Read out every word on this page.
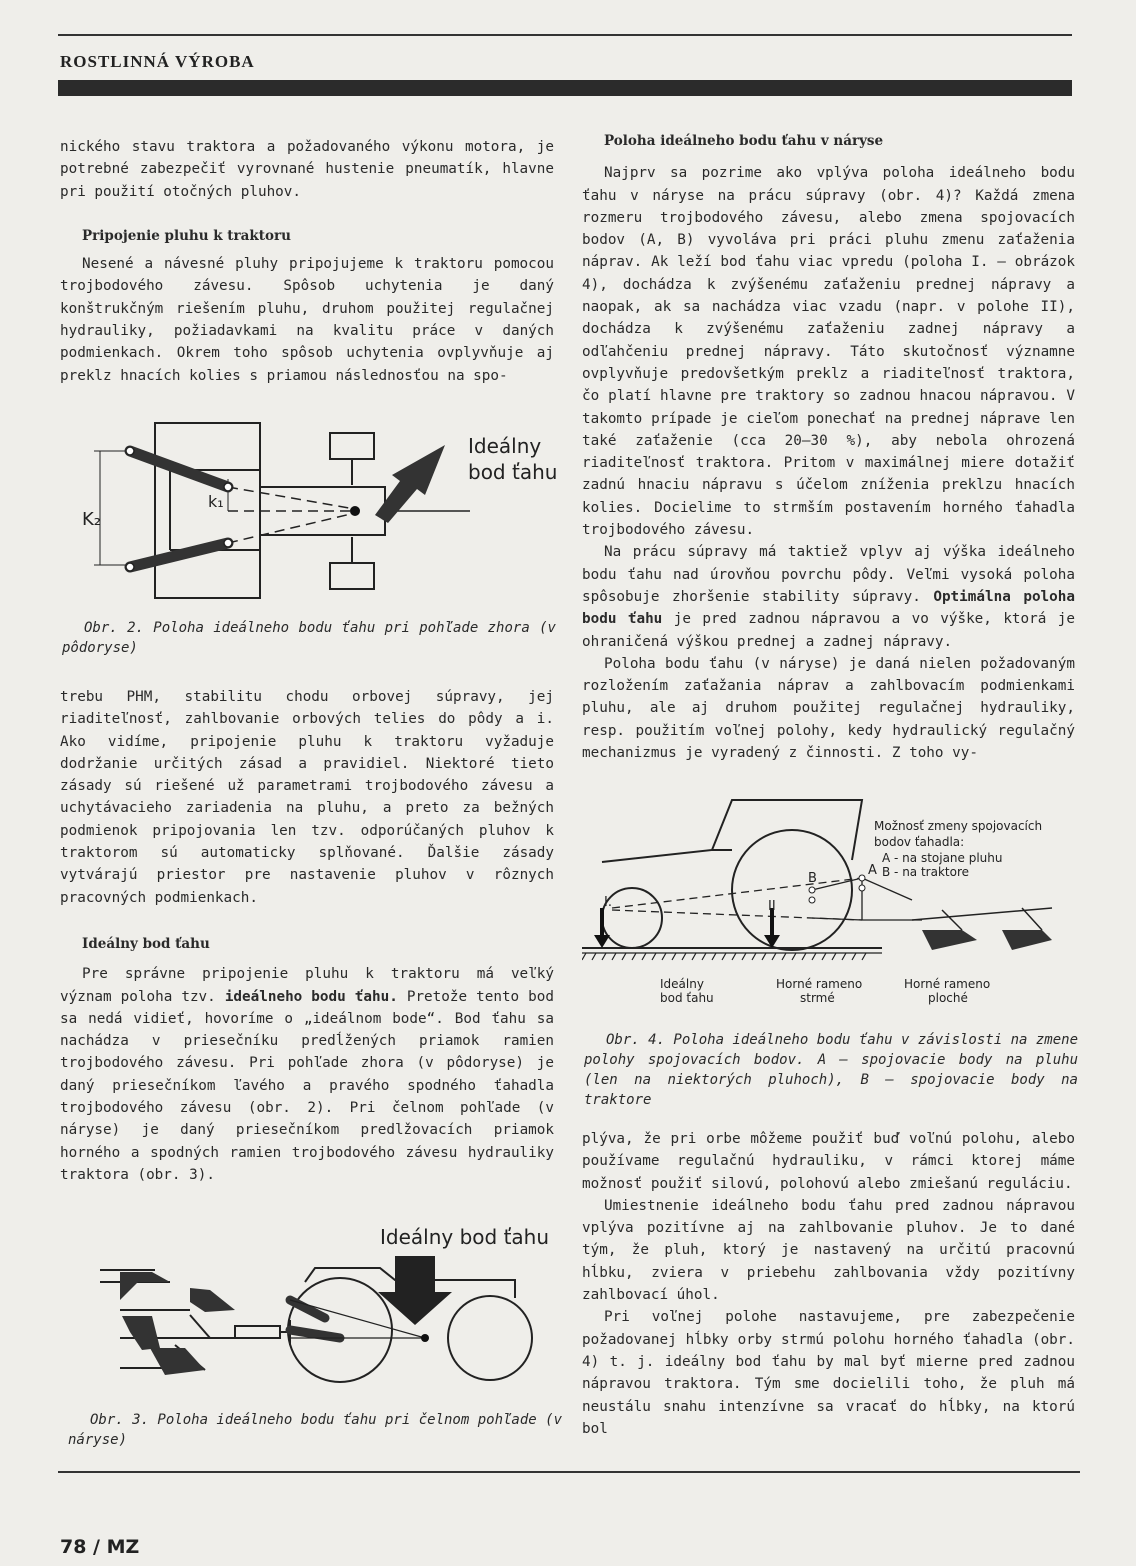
ROSTLINNÁ VÝROBA

nického stavu traktora a požadovaného výkonu motora, je potrebné zabezpečiť vyrovnané hustenie pneumatík, hlavne pri použití otočných pluhov.

Pripojenie pluhu k traktoru

Nesené a návesné pluhy pripojujeme k traktoru pomocou trojbodového závesu. Spôsob uchytenia je daný konštrukčným riešením pluhu, druhom použitej regulačnej hydrauliky, požiadavkami na kvalitu práce v daných podmienkach. Okrem toho spôsob uchytenia ovplyvňuje aj preklz hnacích kolies s priamou následnosťou na spo-

K₂
k₁
Ideálny
bod ťahu

Obr. 2. Poloha ideálneho bodu ťahu pri pohľade zhora (v pôdoryse)

trebu PHM, stabilitu chodu orbovej súpravy, jej riaditeľnosť, zahlbovanie orbových telies do pôdy a i. Ako vidíme, pripojenie pluhu k traktoru vyžaduje dodržanie určitých zásad a pravidiel. Niektoré tieto zásady sú riešené už parametrami trojbodového závesu a uchytávacieho zariadenia na pluhu, a preto za bežných podmienok pripojovania len tzv. odporúčaných pluhov k traktorom sú automaticky splňované. Ďalšie zásady vytvárajú priestor pre nastavenie pluhov v rôznych pracovných podmienkach.

Ideálny bod ťahu

Pre správne pripojenie pluhu k traktoru má veľký význam poloha tzv. ideálneho bodu ťahu. Pretože tento bod sa nedá vidieť, hovoríme o „ideálnom bode“. Bod ťahu sa nachádza v priesečníku predĺžených priamok ramien trojbodového závesu. Pri pohľade zhora (v pôdoryse) je daný priesečníkom ľavého a pravého spodného ťahadla trojbodového závesu (obr. 2). Pri čelnom pohľade (v náryse) je daný priesečníkom predlžovacích priamok horného a spodných ramien trojbodového závesu hydrauliky traktora (obr. 3).

Ideálny bod ťahu

Obr. 3. Poloha ideálneho bodu ťahu pri čelnom pohľade (v náryse)

Poloha ideálneho bodu ťahu v náryse

Najprv sa pozrime ako vplýva poloha ideálneho bodu ťahu v náryse na prácu súpravy (obr. 4)? Každá zmena rozmeru trojbodového závesu, alebo zmena spojovacích bodov (A, B) vyvoláva pri práci pluhu zmenu zaťaženia náprav. Ak leží bod ťahu viac vpredu (poloha I. — obrázok 4), dochádza k zvýšenému zaťaženiu prednej nápravy a naopak, ak sa nachádza viac vzadu (napr. v polohe II), dochádza k zvýšenému zaťaženiu zadnej nápravy a odľahčeniu prednej nápravy. Táto skutočnosť významne ovplyvňuje predovšetkým preklz a riaditeľnosť traktora, čo platí hlavne pre traktory so zadnou hnacou nápravou. V takomto prípade je cieľom ponechať na prednej náprave len také zaťaženie (cca 20—30 %), aby nebola ohrozená riaditeľnosť traktora. Pritom v maximálnej miere dotažiť zadnú hnaciu nápravu s účelom zníženia preklzu hnacích kolies. Docielime to strmším postavením horného ťahadla trojbodového závesu.

Na prácu súpravy má taktiež vplyv aj výška ideálneho bodu ťahu nad úrovňou povrchu pôdy. Veľmi vysoká poloha spôsobuje zhoršenie stability súpravy. Optimálna poloha bodu ťahu je pred zadnou nápravou a vo výške, ktorá je ohraničená výškou prednej a zadnej nápravy.

Poloha bodu ťahu (v náryse) je daná nielen požadovaným rozložením zaťažania náprav a zahlbovacím podmienkami pluhu, ale aj druhom použitej regulačnej hydrauliky, resp. použitím voľnej polohy, kedy hydraulický regulačný mechanizmus je vyradený z činnosti. Z toho vy-

I.	II
B
A
Možnosť zmeny spojovacích
bodov ťahadla:
A - na stojane pluhu
B - na traktore
Ideálny
bod ťahu
Horné rameno
strmé
Horné rameno
ploché

Obr. 4. Poloha ideálneho bodu ťahu v závislosti na zmene polohy spojovacích bodov. A — spojovacie body na pluhu (len na niektorých pluhoch), B — spojovacie body na traktore

plýva, že pri orbe môžeme použiť buď voľnú polohu, alebo používame regulačnú hydrauliku, v rámci ktorej máme možnosť použiť silovú, polohovú alebo zmiešanú reguláciu.

Umiestnenie ideálneho bodu ťahu pred zadnou nápravou vplýva pozitívne aj na zahlbovanie pluhov. Je to dané tým, že pluh, ktorý je nastavený na určitú pracovnú hĺbku, zviera v priebehu zahlbovania vždy pozitívny zahlbovací úhol.

Pri voľnej polohe nastavujeme, pre zabezpečenie požadovanej hĺbky orby strmú polohu horného ťahadla (obr. 4) t. j. ideálny bod ťahu by mal byť mierne pred zadnou nápravou traktora. Tým sme docielili toho, že pluh má neustálu snahu intenzívne sa vracať do hĺbky, na ktorú bol

78 / MZ
